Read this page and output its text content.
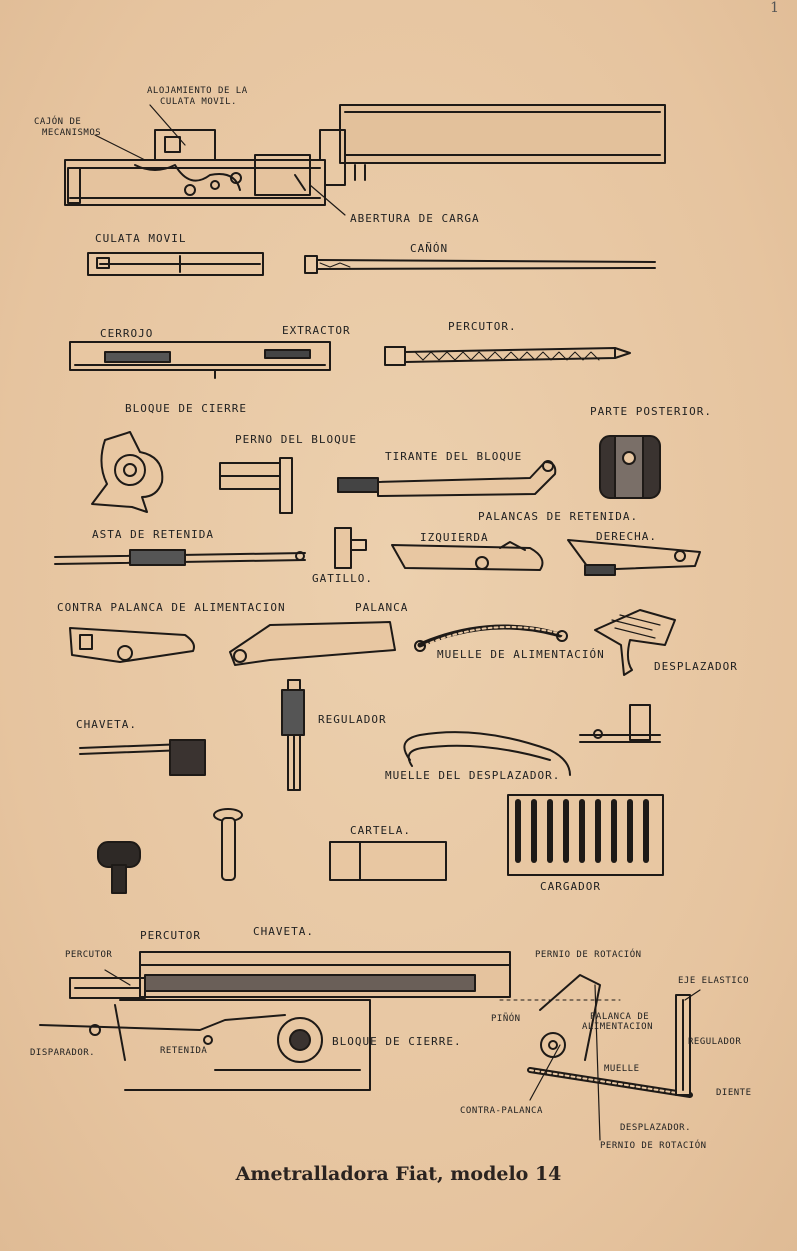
1
ALOJAMIENTO DE LA
CULATA MOVIL.
CAJÓN DE
MECANISMOS
ABERTURA DE CARGA
CULATA MOVIL
CAÑÓN
CERROJO	EXTRACTOR	PERCUTOR.
BLOQUE DE CIERRE	PARTE POSTERIOR.
PERNO DEL BLOQUE
TIRANTE DEL BLOQUE
PALANCAS DE RETENIDA.
ASTA DE RETENIDA	IZQUIERDA	DERECHA.
GATILLO.
CONTRA PALANCA DE ALIMENTACION	PALANCA
MUELLE DE ALIMENTACIÓN
DESPLAZADOR
CHAVETA.	REGULADOR
MUELLE DEL DESPLAZADOR.
CARTELA.
CARGADOR
PERCUTOR	CHAVETA.
PERCUTOR
DISPARADOR.	RETENIDA
BLOQUE DE CIERRE.
PERNIO DE ROTACIÓN
PIÑÓN	PALANCA DE
ALIMENTACION
EJE ELASTICO
REGULADOR
MUELLE
DIENTE
CONTRA-PALANCA
DESPLAZADOR.
PERNIO DE ROTACIÓN
Ametralladora Fiat, modelo 14
